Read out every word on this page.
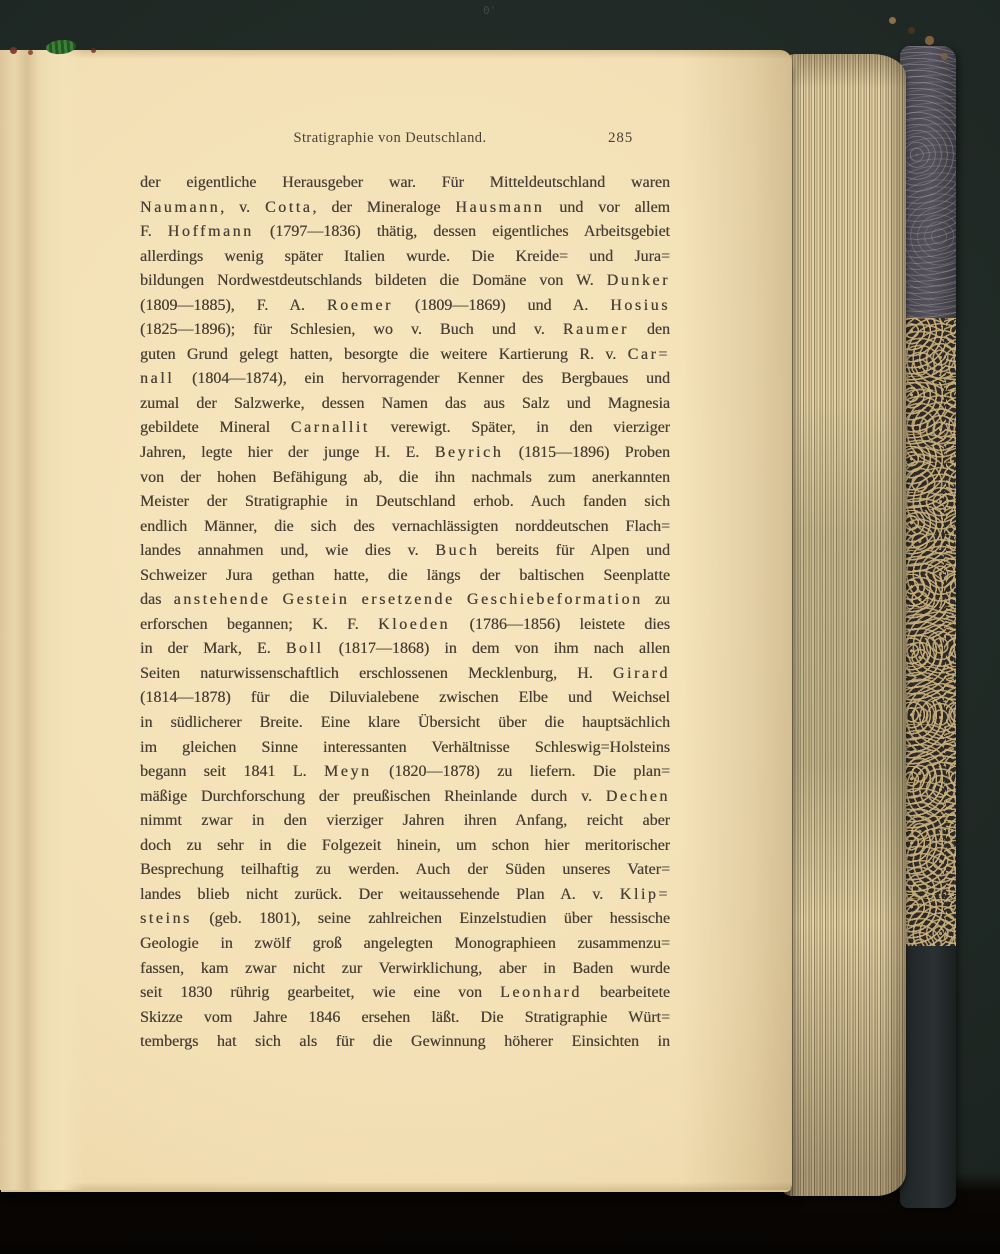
0'
Stratigraphie von Deutschland.	285
der eigentliche Herausgeber war. Für Mitteldeutschland waren
Naumann, v. Cotta, der Mineraloge Hausmann und vor allem
F. Hoffmann (1797—1836) thätig, dessen eigentliches Arbeitsgebiet
allerdings wenig später Italien wurde. Die Kreide= und Jura=
bildungen Nordwestdeutschlands bildeten die Domäne von W. Dunker
(1809—1885), F. A. Roemer (1809—1869) und A. Hosius
(1825—1896); für Schlesien, wo v. Buch und v. Raumer den
guten Grund gelegt hatten, besorgte die weitere Kartierung R. v. Car=
nall (1804—1874), ein hervorragender Kenner des Bergbaues und
zumal der Salzwerke, dessen Namen das aus Salz und Magnesia
gebildete Mineral Carnallit verewigt. Später, in den vierziger
Jahren, legte hier der junge H. E. Beyrich (1815—1896) Proben
von der hohen Befähigung ab, die ihn nachmals zum anerkannten
Meister der Stratigraphie in Deutschland erhob. Auch fanden sich
endlich Männer, die sich des vernachlässigten norddeutschen Flach=
landes annahmen und, wie dies v. Buch bereits für Alpen und
Schweizer Jura gethan hatte, die längs der baltischen Seenplatte
das anstehende Gestein ersetzende Geschiebeformation zu
erforschen begannen; K. F. Kloeden (1786—1856) leistete dies
in der Mark, E. Boll (1817—1868) in dem von ihm nach allen
Seiten naturwissenschaftlich erschlossenen Mecklenburg, H. Girard
(1814—1878) für die Diluvialebene zwischen Elbe und Weichsel
in südlicherer Breite. Eine klare Übersicht über die hauptsächlich
im gleichen Sinne interessanten Verhältnisse Schleswig=Holsteins
begann seit 1841 L. Meyn (1820—1878) zu liefern. Die plan=
mäßige Durchforschung der preußischen Rheinlande durch v. Dechen
nimmt zwar in den vierziger Jahren ihren Anfang, reicht aber
doch zu sehr in die Folgezeit hinein, um schon hier meritorischer
Besprechung teilhaftig zu werden. Auch der Süden unseres Vater=
landes blieb nicht zurück. Der weitaussehende Plan A. v. Klip=
steins (geb. 1801), seine zahlreichen Einzelstudien über hessische
Geologie in zwölf groß angelegten Monographieen zusammenzu=
fassen, kam zwar nicht zur Verwirklichung, aber in Baden wurde
seit 1830 rührig gearbeitet, wie eine von Leonhard bearbeitete
Skizze vom Jahre 1846 ersehen läßt. Die Stratigraphie Würt=
tembergs hat sich als für die Gewinnung höherer Einsichten in
